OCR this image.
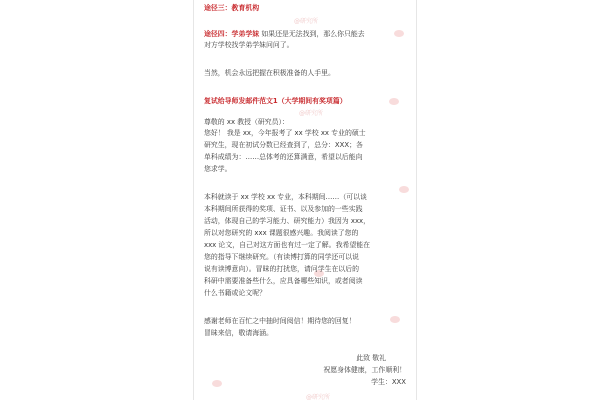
@研究所
@研究所
@研究所
途径三：教育机构
途径四：学弟学妹 如果还是无法找到，那么你只能去
对方学校找学弟学妹问问了。
当然，机会永远把握在积极准备的人手里。
复试给导师发邮件范文1（大学期间有奖项篇）
尊敬的 xx 教授（研究员）：
您好！ 我是 xx，今年报考了 xx 学校 xx 专业的硕士
研究生，现在初试分数已经查到了，总分：XXX；各
单科成绩为：……总体考的还算满意，希望以后能向
您求学。
本科就读于 xx 学校 xx 专业，本科期间……（可以谈
本科期间所获得的奖项、证书、以及参加的一些实践
活动，体现自己的学习能力、研究能力）我因为 xxx，
所以对您研究的 xxx 课题很感兴趣。我阅读了您的
xxx 论文，自己对这方面也有过一定了解。我希望能在
您的指导下继续研究。（有读博打算的同学还可以说
说有读博意向）。冒昧的打扰您，请问学生在以后的
科研中需要准备些什么，应具备哪些知识，或者阅读
什么书籍或论文呢？
感谢老师在百忙之中抽时间阅信！期待您的回复！
冒昧来信，敬请海涵。
此致 敬礼
祝愿身体健康，工作顺利！
学生：XXX
